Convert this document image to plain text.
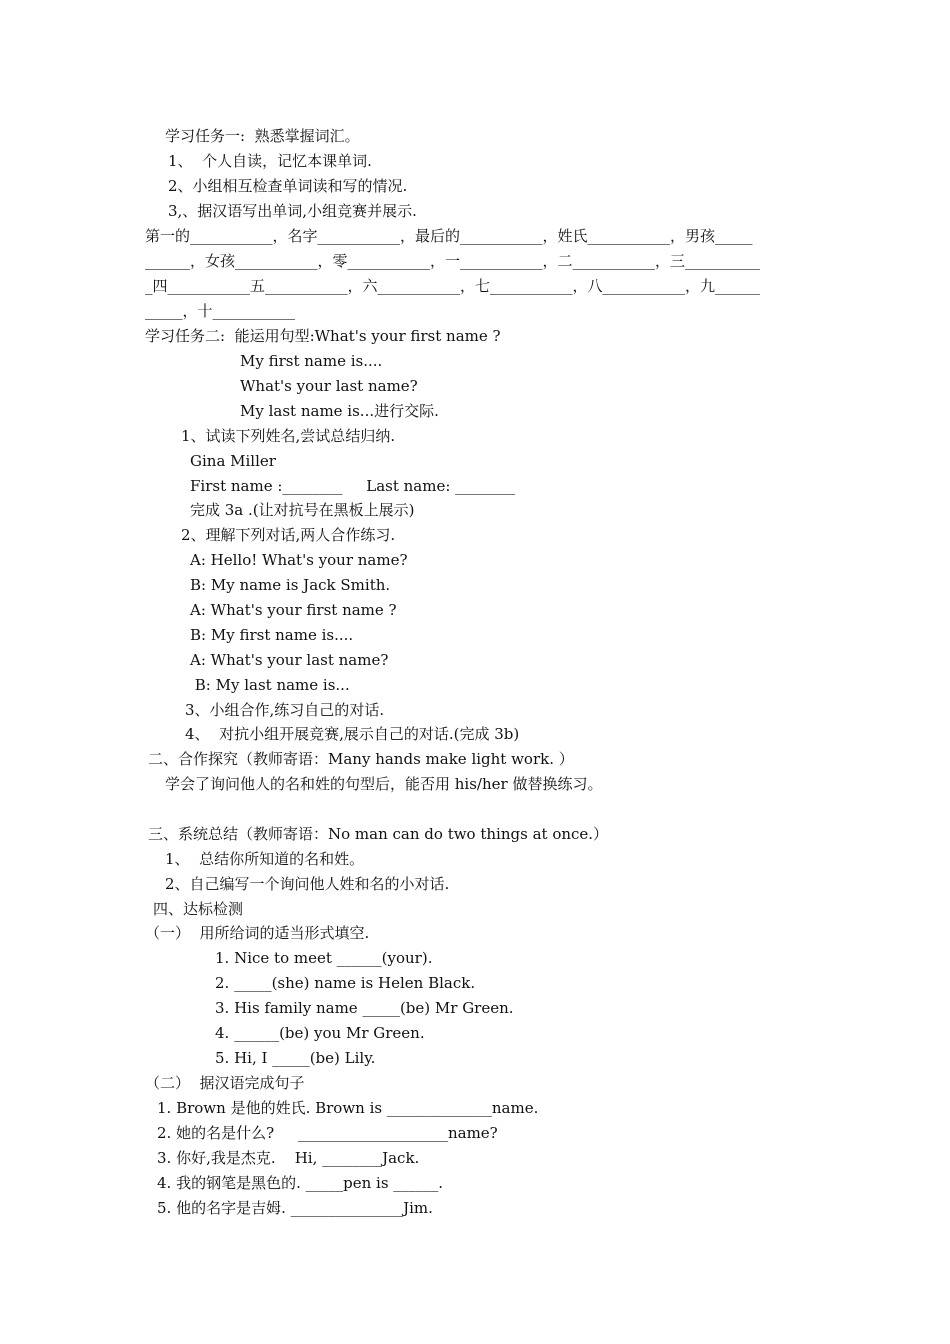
学习任务一:  熟悉掌握词汇。
1、  个人自读，记忆本课单词.
2、小组相互检查单词读和写的情况.
3,、据汉语写出单词,小组竞赛并展示.
第一的___________，名字___________，最后的___________，姓氏___________，男孩_____
______，女孩___________，零___________，一___________，二___________，三__________
_四___________五___________，六___________，七___________，八___________，九______
_____，十___________
学习任务二:  能运用句型:What's your first name ?
My first name is....
What's your last name?
My last name is...进行交际.
1、试读下列姓名,尝试总结归纳.
Gina Miller
First name :________     Last name: ________
完成 3a .(让对抗号在黑板上展示)
2、理解下列对话,两人合作练习.
A: Hello! What's your name?
B: My name is Jack Smith.
A: What's your first name ?
B: My first name is....
A: What's your last name?
B: My last name is...
3、小组合作,练习自己的对话.
4、  对抗小组开展竞赛,展示自己的对话.(完成 3b)
二、合作探究（教师寄语：Many hands make light work. ）
学会了询问他人的名和姓的句型后，能否用 his/her 做替换练习。
三、系统总结（教师寄语：No man can do two things at once.）
1、  总结你所知道的名和姓。
2、自己编写一个询问他人姓和名的小对话.
四、达标检测
（一）  用所给词的适当形式填空.
1. Nice to meet ______(your).
2. _____(she) name is Helen Black.
3. His family name _____(be) Mr Green.
4. ______(be) you Mr Green.
5. Hi, I _____(be) Lily.
（二）  据汉语完成句子
1. Brown 是他的姓氏. Brown is ______________name.
2. 她的名是什么?     ____________________name?
3. 你好,我是杰克.    Hi, ________Jack.
4. 我的钢笔是黑色的. _____pen is ______.
5. 他的名字是吉姆. _______________Jim.
